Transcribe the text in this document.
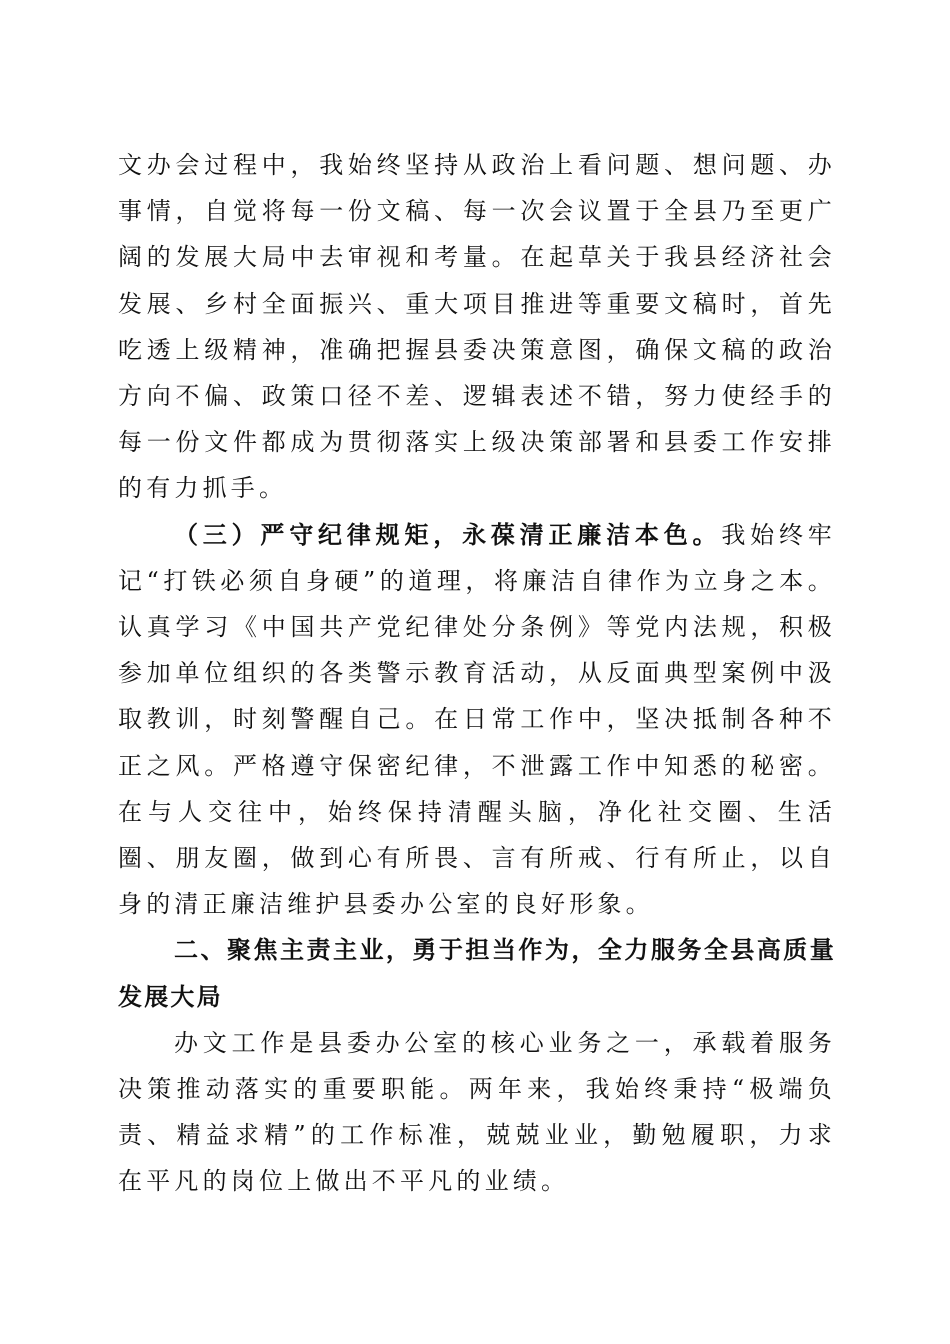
文办会过程中，我始终坚持从政治上看问题、想问题、办事情，自觉将每一份文稿、每一次会议置于全县乃至更广阔的发展大局中去审视和考量。在起草关于我县经济社会发展、乡村全面振兴、重大项目推进等重要文稿时，首先吃透上级精神，准确把握县委决策意图，确保文稿的政治方向不偏、政策口径不差、逻辑表述不错，努力使经手的每一份文件都成为贯彻落实上级决策部署和县委工作安排的有力抓手。

（三）严守纪律规矩，永葆清正廉洁本色。我始终牢记“打铁必须自身硬”的道理，将廉洁自律作为立身之本。认真学习《中国共产党纪律处分条例》等党内法规，积极参加单位组织的各类警示教育活动，从反面典型案例中汲取教训，时刻警醒自己。在日常工作中，坚决抵制各种不正之风。严格遵守保密纪律，不泄露工作中知悉的秘密。在与人交往中，始终保持清醒头脑，净化社交圈、生活圈、朋友圈，做到心有所畏、言有所戒、行有所止，以自身的清正廉洁维护县委办公室的良好形象。

二、聚焦主责主业，勇于担当作为，全力服务全县高质量发展大局

办文工作是县委办公室的核心业务之一，承载着服务决策推动落实的重要职能。两年来，我始终秉持“极端负责、精益求精”的工作标准，兢兢业业，勤勉履职，力求在平凡的岗位上做出不平凡的业绩。
